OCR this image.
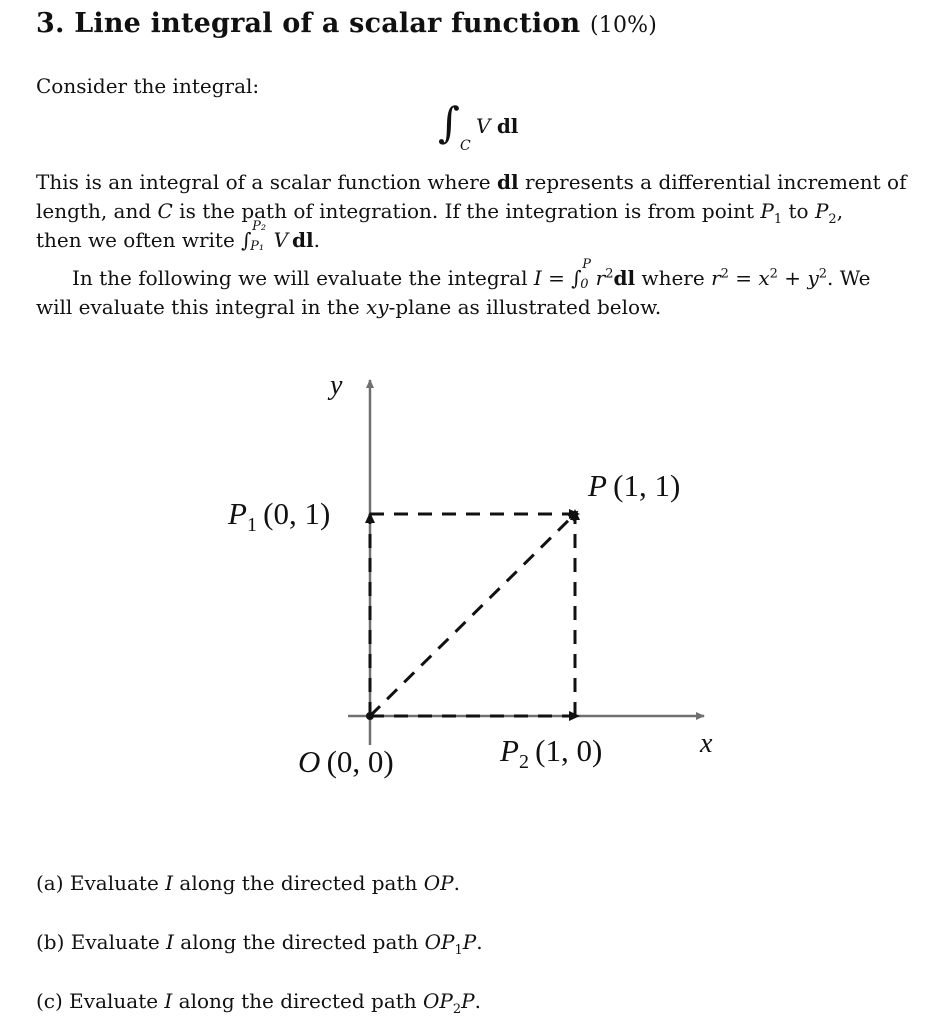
3. Line integral of a scalar function (10%)
Consider the integral:
∫ C
V dl
This is an integral of a scalar function where dl represents a differential increment of
length, and C is the path of integration. If the integration is from point $P_1$ to $P_2$,
then we often write ∫
P₂
P₁ V  dl.
In the following we will evaluate the integral I = ∫
P
0 $r^2dl$ where $r^2 = x^2 + y^2$. We
will evaluate this integral in the xy-plane as illustrated below.
y
x
P  (1, 1)
$P_1$  (0, 1)
O  (0, 0)	$P_2$  (1, 0)
(a) Evaluate I along the directed path OP.
(b) Evaluate I along the directed path $OP_1P$.
(c) Evaluate I along the directed path $OP_2P$.
